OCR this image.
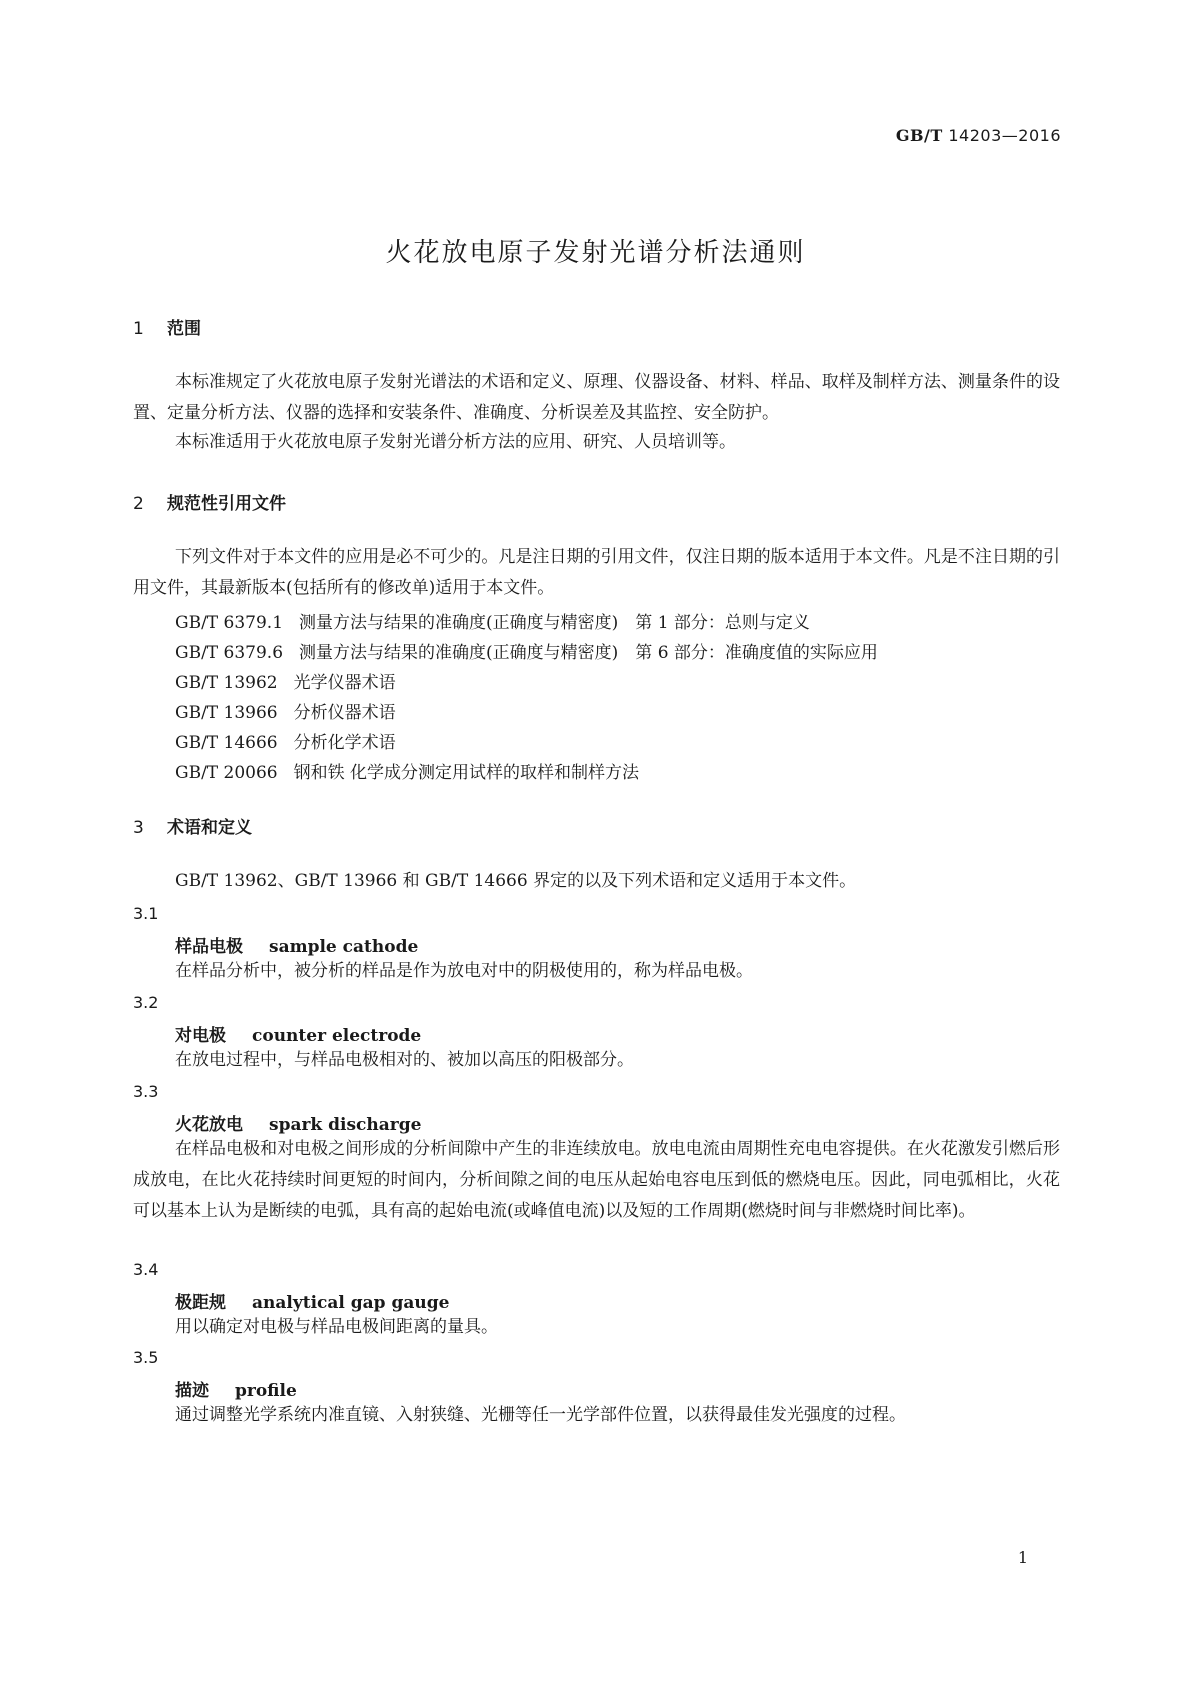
GB/T 14203—2016
火花放电原子发射光谱分析法通则
1 范围
本标准规定了火花放电原子发射光谱法的术语和定义、原理、仪器设备、材料、样品、取样及制样方法、测量条件的设置、定量分析方法、仪器的选择和安装条件、准确度、分析误差及其监控、安全防护。
本标准适用于火花放电原子发射光谱分析方法的应用、研究、人员培训等。
2 规范性引用文件
下列文件对于本文件的应用是必不可少的。凡是注日期的引用文件，仅注日期的版本适用于本文件。凡是不注日期的引用文件，其最新版本(包括所有的修改单)适用于本文件。
GB/T 6379.1 测量方法与结果的准确度(正确度与精密度)　第 1 部分：总则与定义
GB/T 6379.6 测量方法与结果的准确度(正确度与精密度)　第 6 部分：准确度值的实际应用
GB/T 13962 光学仪器术语
GB/T 13966 分析仪器术语
GB/T 14666 分析化学术语
GB/T 20066 钢和铁 化学成分测定用试样的取样和制样方法
3 术语和定义
GB/T 13962、GB/T 13966 和 GB/T 14666 界定的以及下列术语和定义适用于本文件。
3.1
样品电极 sample cathode
在样品分析中，被分析的样品是作为放电对中的阴极使用的，称为样品电极。
3.2
对电极 counter electrode
在放电过程中，与样品电极相对的、被加以高压的阳极部分。
3.3
火花放电 spark discharge
在样品电极和对电极之间形成的分析间隙中产生的非连续放电。放电电流由周期性充电电容提供。在火花激发引燃后形成放电，在比火花持续时间更短的时间内，分析间隙之间的电压从起始电容电压到低的燃烧电压。因此，同电弧相比，火花可以基本上认为是断续的电弧，具有高的起始电流(或峰值电流)以及短的工作周期(燃烧时间与非燃烧时间比率)。
3.4
极距规 analytical gap gauge
用以确定对电极与样品电极间距离的量具。
3.5
描迹 profile
通过调整光学系统内准直镜、入射狭缝、光栅等任一光学部件位置，以获得最佳发光强度的过程。
1
